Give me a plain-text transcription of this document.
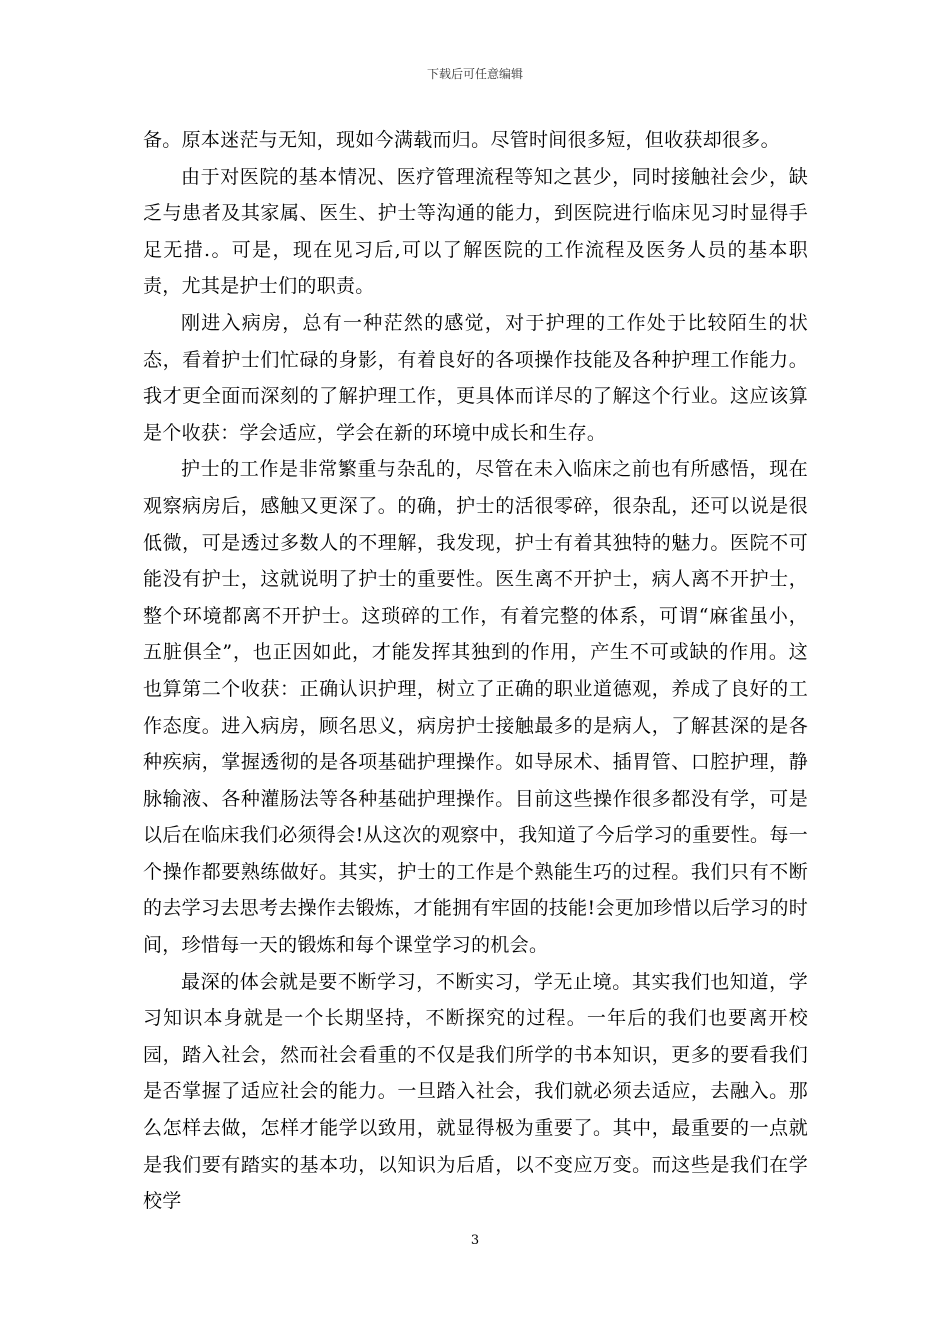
下载后可任意编辑

备。原本迷茫与无知，现如今满载而归。尽管时间很多短，但收获却很多。

由于对医院的基本情况、医疗管理流程等知之甚少，同时接触社会少，缺乏与患者及其家属、医生、护士等沟通的能力，到医院进行临床见习时显得手足无措.。可是，现在见习后,可以了解医院的工作流程及医务人员的基本职责，尤其是护士们的职责。

刚进入病房，总有一种茫然的感觉，对于护理的工作处于比较陌生的状态，看着护士们忙碌的身影，有着良好的各项操作技能及各种护理工作能力。我才更全面而深刻的了解护理工作，更具体而详尽的了解这个行业。这应该算是个收获：学会适应，学会在新的环境中成长和生存。

护士的工作是非常繁重与杂乱的，尽管在未入临床之前也有所感悟，现在观察病房后，感触又更深了。的确，护士的活很零碎，很杂乱，还可以说是很低微，可是透过多数人的不理解，我发现，护士有着其独特的魅力。医院不可能没有护士，这就说明了护士的重要性。医生离不开护士，病人离不开护士，整个环境都离不开护士。这琐碎的工作，有着完整的体系，可谓“麻雀虽小，五脏俱全”，也正因如此，才能发挥其独到的作用，产生不可或缺的作用。这也算第二个收获：正确认识护理，树立了正确的职业道德观，养成了良好的工作态度。进入病房，顾名思义，病房护士接触最多的是病人，了解甚深的是各种疾病，掌握透彻的是各项基础护理操作。如导尿术、插胃管、口腔护理，静脉输液、各种灌肠法等各种基础护理操作。目前这些操作很多都没有学，可是以后在临床我们必须得会!从这次的观察中，我知道了今后学习的重要性。每一个操作都要熟练做好。其实，护士的工作是个熟能生巧的过程。我们只有不断的去学习去思考去操作去锻炼，才能拥有牢固的技能!会更加珍惜以后学习的时间，珍惜每一天的锻炼和每个课堂学习的机会。

最深的体会就是要不断学习，不断实习，学无止境。其实我们也知道，学习知识本身就是一个长期坚持，不断探究的过程。一年后的我们也要离开校园，踏入社会，然而社会看重的不仅是我们所学的书本知识，更多的要看我们是否掌握了适应社会的能力。一旦踏入社会，我们就必须去适应，去融入。那么怎样去做，怎样才能学以致用，就显得极为重要了。其中，最重要的一点就是我们要有踏实的基本功，以知识为后盾，以不变应万变。而这些是我们在学校学

3
